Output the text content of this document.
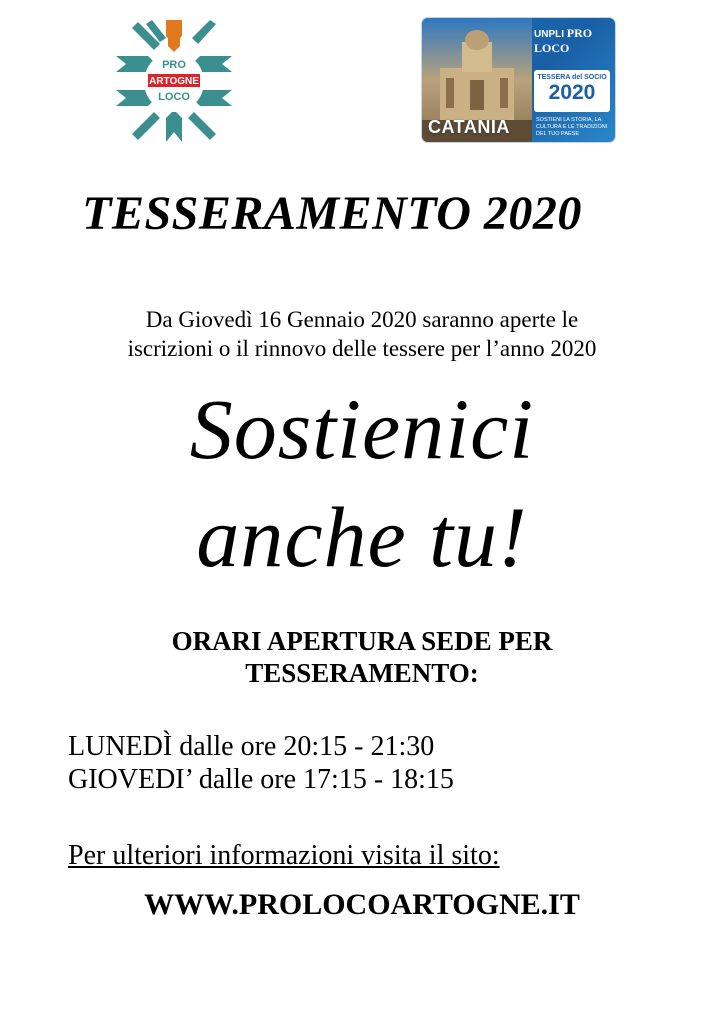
PRO
ARTOGNE
LOCO
CATANIA
UNPLI PRO LOCO
TESSERA del SOCIO
2020
SOSTIENI LA STORIA, LA CULTURA E LE TRADIZIONI DEL TUO PAESE
TESSERAMENTO 2020
Da Giovedì 16 Gennaio 2020 saranno aperte le
iscrizioni o il rinnovo delle tessere per l’anno 2020
Sostienici
anche tu!
ORARI APERTURA SEDE PER
TESSERAMENTO:
LUNEDÌ dalle ore 20:15 - 21:30
GIOVEDI’ dalle ore 17:15 - 18:15
Per ulteriori informazioni visita il sito:
WWW.PROLOCOARTOGNE.IT
